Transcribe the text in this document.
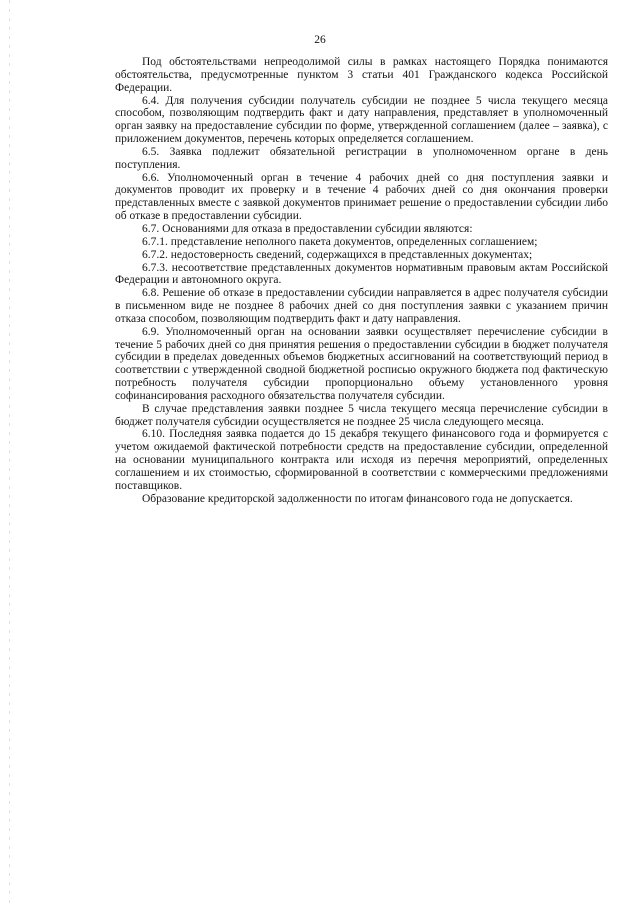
26

Под обстоятельствами непреодолимой силы в рамках настоящего Порядка понимаются обстоятельства, предусмотренные пунктом 3 статьи 401 Гражданского кодекса Российской Федерации.

6.4. Для получения субсидии получатель субсидии не позднее 5 числа текущего месяца способом, позволяющим подтвердить факт и дату направления, представляет в уполномоченный орган заявку на предоставление субсидии по форме, утвержденной соглашением (далее – заявка), с приложением документов, перечень которых определяется соглашением.

6.5. Заявка подлежит обязательной регистрации в уполномоченном органе в день поступления.

6.6. Уполномоченный орган в течение 4 рабочих дней со дня поступления заявки и документов проводит их проверку и в течение 4 рабочих дней со дня окончания проверки представленных вместе с заявкой документов принимает решение о предоставлении субсидии либо об отказе в предоставлении субсидии.

6.7. Основаниями для отказа в предоставлении субсидии являются:

6.7.1. представление неполного пакета документов, определенных соглашением;

6.7.2. недостоверность сведений, содержащихся в представленных документах;

6.7.3. несоответствие представленных документов нормативным правовым актам Российской Федерации и автономного округа.

6.8. Решение об отказе в предоставлении субсидии направляется в адрес получателя субсидии в письменном виде не позднее 8 рабочих дней со дня поступления заявки с указанием причин отказа способом, позволяющим подтвердить факт и дату направления.

6.9. Уполномоченный орган на основании заявки осуществляет перечисление субсидии в течение 5 рабочих дней со дня принятия решения о предоставлении субсидии в бюджет получателя субсидии в пределах доведенных объемов бюджетных ассигнований на соответствующий период в соответствии с утвержденной сводной бюджетной росписью окружного бюджета под фактическую потребность получателя субсидии пропорционально объему установленного уровня софинансирования расходного обязательства получателя субсидии.

В случае представления заявки позднее 5 числа текущего месяца перечисление субсидии в бюджет получателя субсидии осуществляется не позднее 25 числа следующего месяца.

6.10. Последняя заявка подается до 15 декабря текущего финансового года и формируется с учетом ожидаемой фактической потребности средств на предоставление субсидии, определенной на основании муниципального контракта или исходя из перечня мероприятий, определенных соглашением и их стоимостью, сформированной в соответствии с коммерческими предложениями поставщиков.

Образование кредиторской задолженности по итогам финансового года не допускается.
